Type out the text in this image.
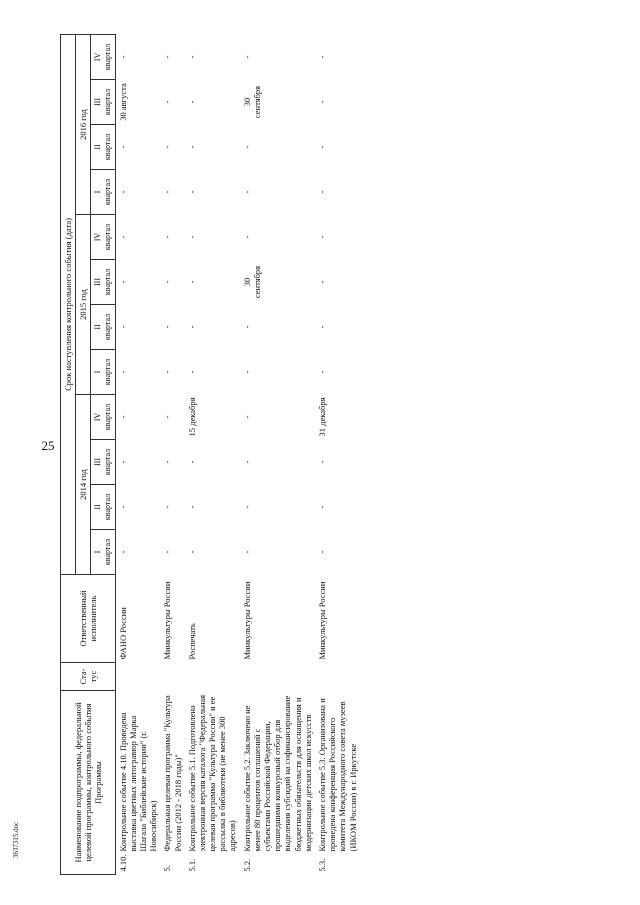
25
3637315.doc	Наименование подпрограммы, федеральной целевой программы, контрольного события Программы		Ста-тус	Ответственный исполнитель	Срок наступления контрольного события (дата)											
				2014 год				2015 год				2016 год			

				I квартал	II квартал	III квартал	IV квартал	I квартал	II квартал	III квартал	IV квартал	I квартал	II квартал	III квартал	IV квартал

4.10.	Контрольное событие 4.10. Проведена выставка цветных литогравюр Марка Шагала "Библейские истории" (г. Новосибирск)		ФАНО России	-	-	-	-	-	-	-	-	-	-	30 августа	-
5.	Федеральная целевая программа "Культура России (2012 - 2018 годы)"		Минкультуры России	-	-	-	-	-	-	-	-	-	-	-	-
5.1.	Контрольное событие 5.1. Подготовлена электронная версия каталога "Федеральная целевая программа "Культура России" и ее рассылка в библиотеки (не менее 300 адресов)		Роспечать	-	-	-	15 декабря	-	-	-	-	-	-	-	-
5.2.	Контрольное событие 5.2. Заключено не менее 80 процентов соглашений с субъектами Российской Федерации, прошедшими конкурсный отбор для выделения субсидий на софинансирование бюджетных обязательств для оснащения и модернизации детских школ искусств		Минкультуры России	-	-	-	-	-	-	30 сентября	-	-	-	30 сентября	-
5.3.	Контрольное событие 5.3. Организована и проведена конференция Российского комитета Международного совета музеев (ИКОМ России) в г. Иркутске		Минкультуры России	-	-	-	31 декабря	-	-	-	-	-	-	-	-
